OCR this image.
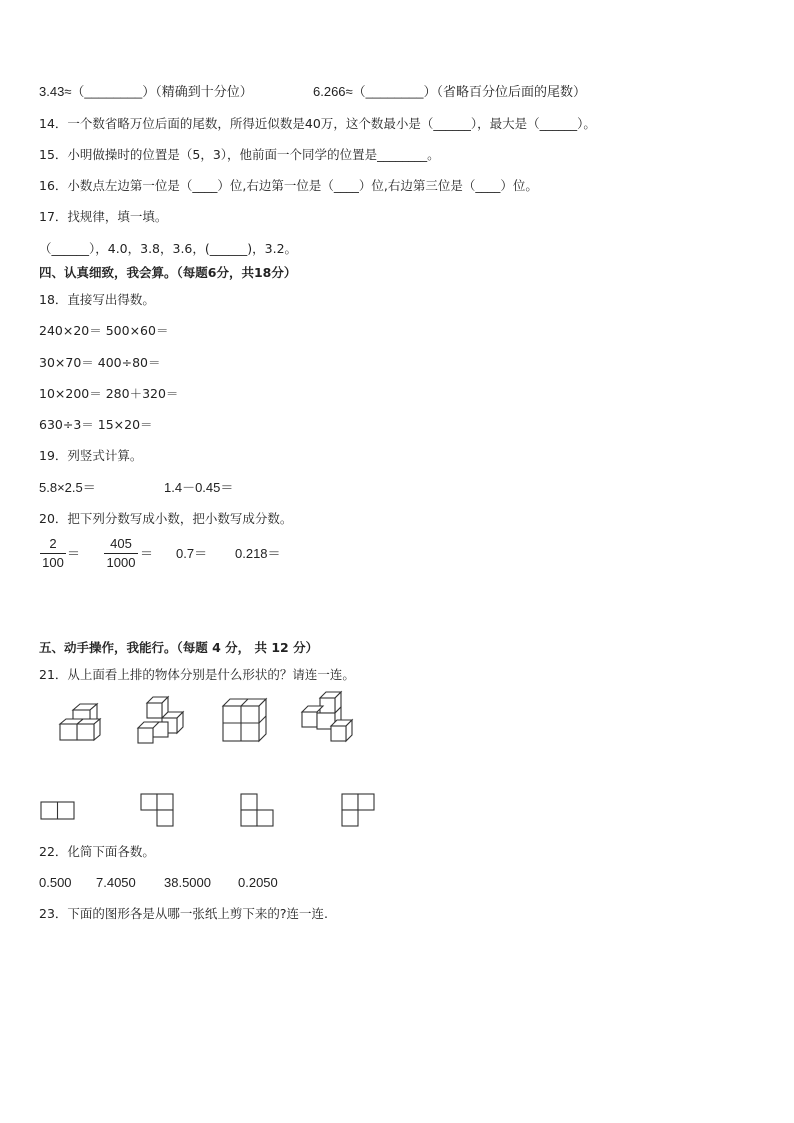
3.43≈（________）（精确到十分位）	6.266≈（________）（省略百分位后面的尾数）
14．一个数省略万位后面的尾数，所得近似数是40万，这个数最小是（______），最大是（______）。
15．小明做操时的位置是（5，3），他前面一个同学的位置是________。
16．小数点左边第一位是（____）位,右边第一位是（____）位,右边第三位是（____）位。
17．找规律，填一填。
（______），4.0，3.8，3.6，(______)，3.2。
四、认真细致，我会算。（每题6分，共18分）
18．直接写出得数。
240×20＝ 500×60＝
30×70＝ 400÷80＝
10×200＝ 280＋320＝
630÷3＝ 15×20＝
19．列竖式计算。
5.8×2.5＝	1.4－0.45＝
20．把下列分数写成小数，把小数写成分数。
2
100
＝
405
1000
＝ 0.7＝ 0.218＝
五、动手操作，我能行。（每题 4 分， 共 12 分）
21．从上面看上排的物体分别是什么形状的？请连一连。
22．化简下面各数。
0.500 7.4050 38.5000 0.2050
23．下面的图形各是从哪一张纸上剪下来的?连一连.
